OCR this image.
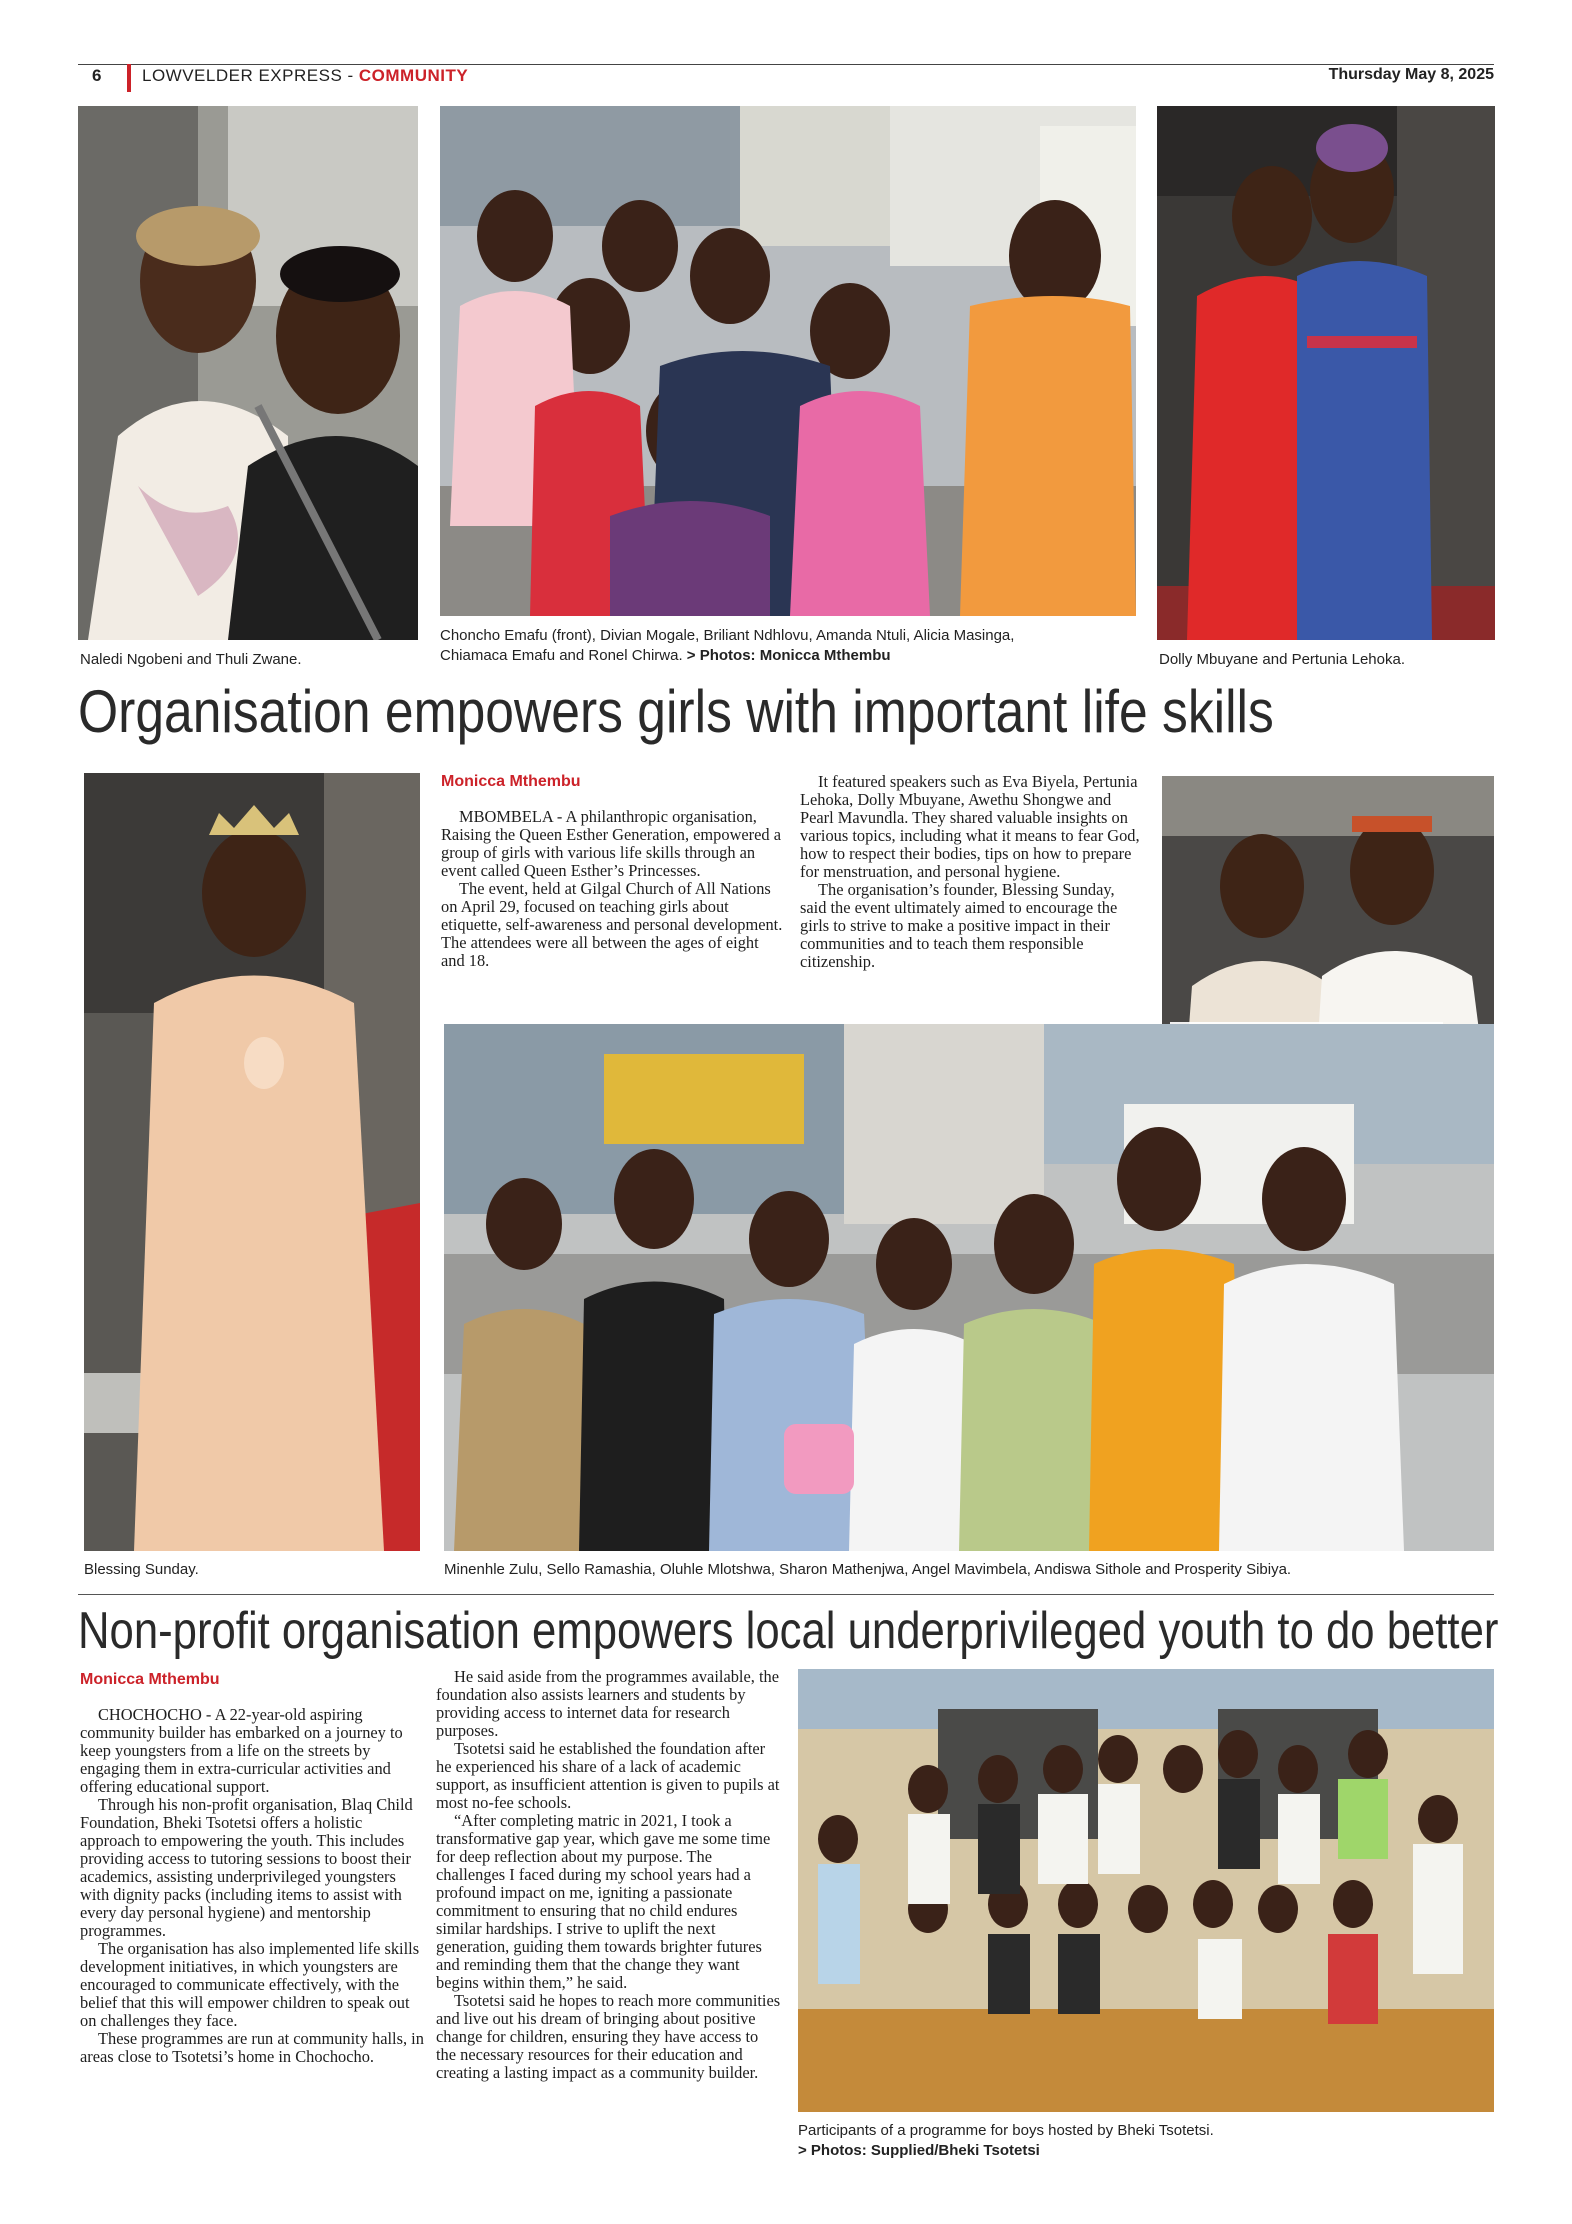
6 LOWVELDER EXPRESS - COMMUNITY	Thursday May 8, 2025
Naledi Ngobeni and Thuli Zwane.
Choncho Emafu (front), Divian Mogale, Briliant Ndhlovu, Amanda Ntuli, Alicia Masinga,
Chiamaca Emafu and Ronel Chirwa. > Photos: Monicca Mthembu	Dolly Mbuyane and Pertunia Lehoka.
Organisation empowers girls with important life skills
Monicca Mthembu

MBOMBELA - A philanthropic organisation, Raising the Queen Esther Generation, empowered a group of girls with various life skills through an event called Queen Esther’s Princesses.

The event, held at Gilgal Church of All Nations on April 29, focused on teaching girls about etiquette, self-awareness and personal development. The attendees were all between the ages of eight and 18.

It featured speakers such as Eva Biyela, Pertunia Lehoka, Dolly Mbuyane, Awethu Shongwe and Pearl Mavundla. They shared valuable insights on various topics, including what it means to fear God, how to respect their bodies, tips on how to prepare for menstruation, and personal hygiene.

The organisation’s founder, Blessing Sunday, said the event ultimately aimed to encourage the girls to strive to make a positive impact in their communities and to teach them responsible citizenship.

Blessing Sunday.	Minenhle Zulu, Sello Ramashia, Oluhle Mlotshwa, Sharon Mathenjwa, Angel Mavimbela, Andiswa Sithole and Prosperity Sibiya.
Non-profit organisation empowers local underprivileged youth to do better
Monicca Mthembu

CHOCHOCHO - A 22-year-old aspiring community builder has embarked on a journey to keep youngsters from a life on the streets by engaging them in extra-curricular activities and offering educational support.

Through his non-profit organisation, Blaq Child Foundation, Bheki Tsotetsi offers a holistic approach to empowering the youth. This includes providing access to tutoring sessions to boost their academics, assisting underprivileged youngsters with dignity packs (including items to assist with every day personal hygiene) and mentorship programmes.

The organisation has also implemented life skills development initiatives, in which youngsters are encouraged to communicate effectively, with the belief that this will empower children to speak out on challenges they face.

These programmes are run at community halls, in areas close to Tsotetsi’s home in Chochocho.

He said aside from the programmes available, the foundation also assists learners and students by providing access to internet data for research purposes.

Tsotetsi said he established the foundation after he experienced his share of a lack of academic support, as insufficient attention is given to pupils at most no-fee schools.

“After completing matric in 2021, I took a transformative gap year, which gave me some time for deep reflection about my purpose. The challenges I faced during my school years had a profound impact on me, igniting a passionate commitment to ensuring that no child endures similar hardships. I strive to uplift the next generation, guiding them towards brighter futures and reminding them that the change they want begins within them,” he said.

Tsotetsi said he hopes to reach more communities and live out his dream of bringing about positive change for children, ensuring they have access to the necessary resources for their education and creating a lasting impact as a community builder.

Participants of a programme for boys hosted by Bheki Tsotetsi.
> Photos: Supplied/Bheki Tsotetsi
